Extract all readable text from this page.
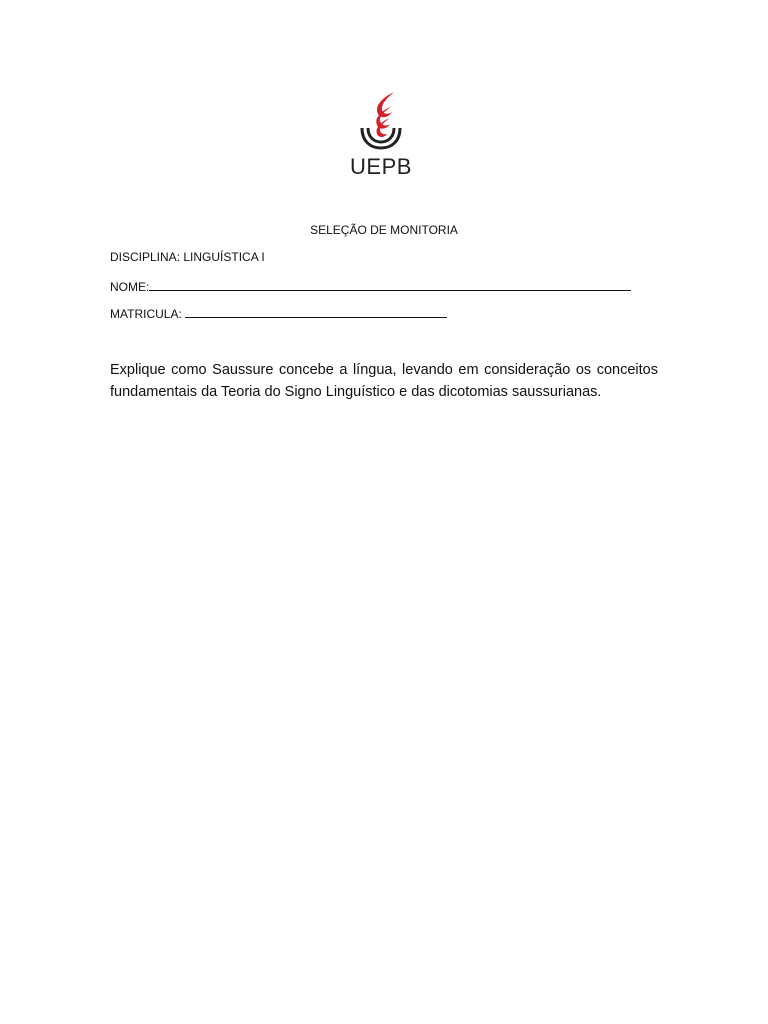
UEPB
SELEÇÃO DE MONITORIA
DISCIPLINA: LINGUÍSTICA I
NOME:
MATRICULA:
Explique como Saussure concebe a língua, levando em consideração os conceitos fundamentais da Teoria do Signo Linguístico e das dicotomias saussurianas.
